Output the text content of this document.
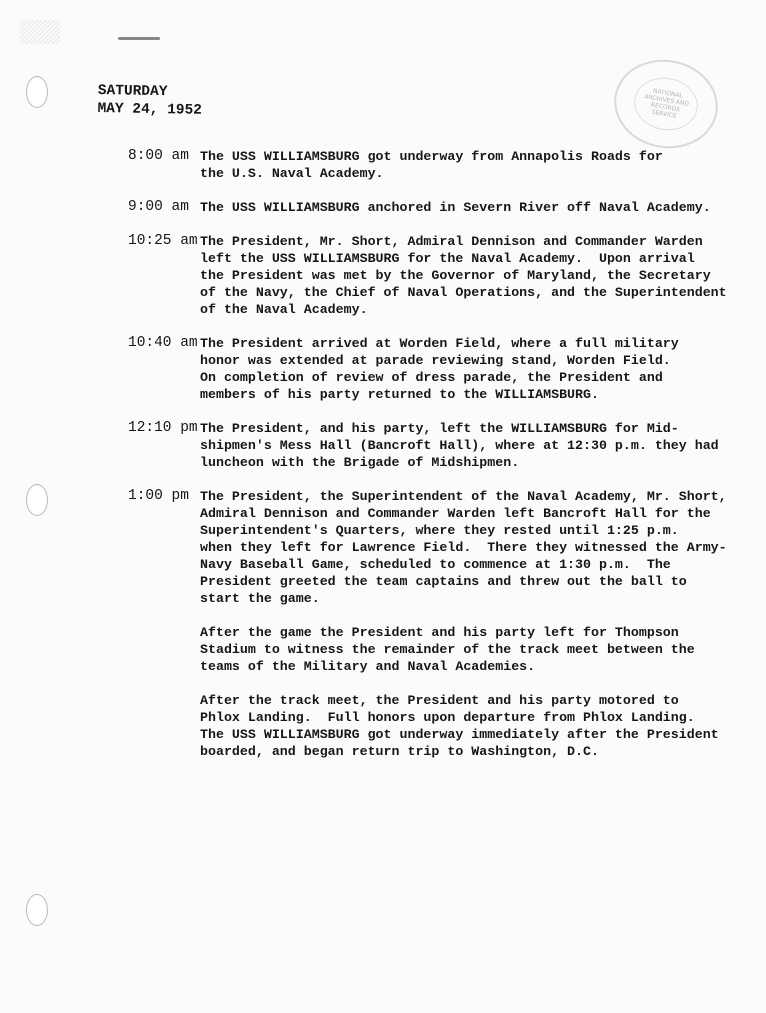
NATIONAL
ARCHIVES AND
RECORDS
SERVICE
SATURDAY
MAY 24, 1952
8:00 am The USS WILLIAMSBURG got underway from Annapolis Roads for
the U.S. Naval Academy.
9:00 am The USS WILLIAMSBURG anchored in Severn River off Naval Academy.
10:25 am The President, Mr. Short, Admiral Dennison and Commander Warden
left the USS WILLIAMSBURG for the Naval Academy.  Upon arrival
the President was met by the Governor of Maryland, the Secretary
of the Navy, the Chief of Naval Operations, and the Superintendent
of the Naval Academy.
10:40 am The President arrived at Worden Field, where a full military
honor was extended at parade reviewing stand, Worden Field.
On completion of review of dress parade, the President and
members of his party returned to the WILLIAMSBURG.
12:10 pm The President, and his party, left the WILLIAMSBURG for Mid-
shipmen's Mess Hall (Bancroft Hall), where at 12:30 p.m. they had
luncheon with the Brigade of Midshipmen.
1:00 pm The President, the Superintendent of the Naval Academy, Mr. Short,
Admiral Dennison and Commander Warden left Bancroft Hall for the
Superintendent's Quarters, where they rested until 1:25 p.m.
when they left for Lawrence Field.  There they witnessed the Army-
Navy Baseball Game, scheduled to commence at 1:30 p.m.  The
President greeted the team captains and threw out the ball to
start the game.
After the game the President and his party left for Thompson
Stadium to witness the remainder of the track meet between the
teams of the Military and Naval Academies.
After the track meet, the President and his party motored to
Phlox Landing.  Full honors upon departure from Phlox Landing.
The USS WILLIAMSBURG got underway immediately after the President
boarded, and began return trip to Washington, D.C.
